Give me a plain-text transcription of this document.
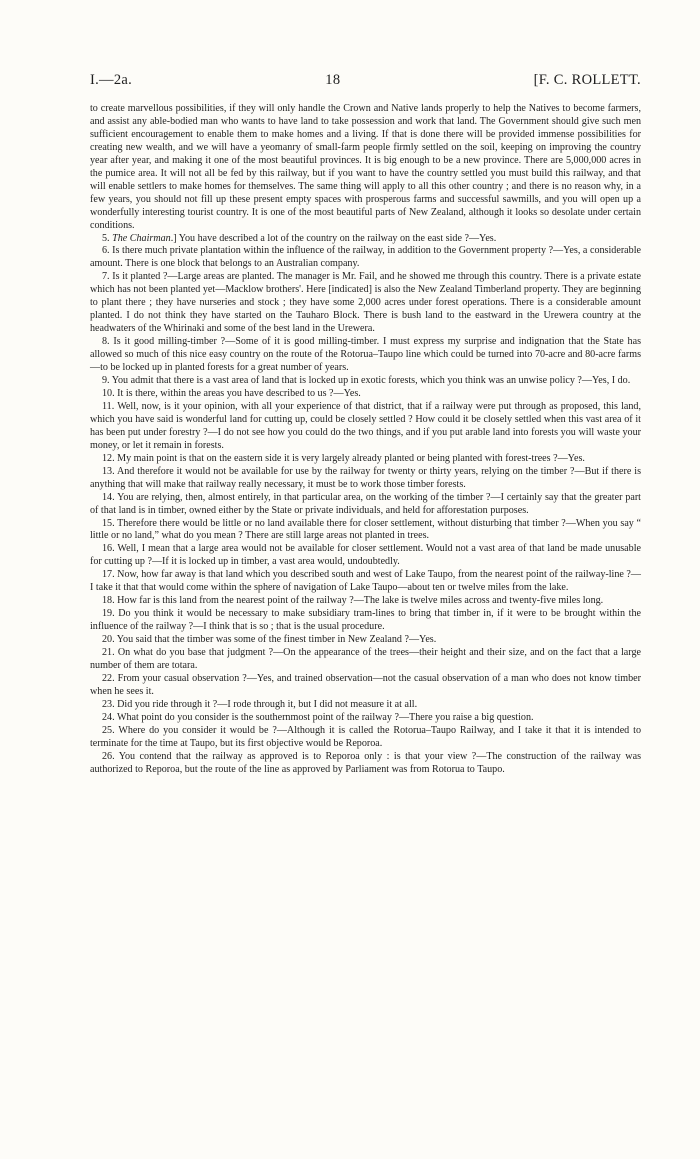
I.—2a.	18	[F. C. ROLLETT.

to create marvellous possibilities, if they will only handle the Crown and Native lands properly to help the Natives to become farmers, and assist any able-bodied man who wants to have land to take possession and work that land. The Government should give such men sufficient encouragement to enable them to make homes and a living. If that is done there will be provided immense possibilities for creating new wealth, and we will have a yeomanry of small-farm people firmly settled on the soil, keeping on improving the country year after year, and making it one of the most beautiful provinces. It is big enough to be a new province. There are 5,000,000 acres in the pumice area. It will not all be fed by this railway, but if you want to have the country settled you must build this railway, and that will enable settlers to make homes for themselves. The same thing will apply to all this other country ; and there is no reason why, in a few years, you should not fill up these present empty spaces with prosperous farms and successful sawmills, and you will open up a wonderfully interesting tourist country. It is one of the most beautiful parts of New Zealand, although it looks so desolate under certain conditions.

5. The Chairman.] You have described a lot of the country on the railway on the east side ?—Yes.

6. Is there much private plantation within the influence of the railway, in addition to the Government property ?—Yes, a considerable amount. There is one block that belongs to an Australian company.

7. Is it planted ?—Large areas are planted. The manager is Mr. Fail, and he showed me through this country. There is a private estate which has not been planted yet—Macklow brothers'. Here [indicated] is also the New Zealand Timberland property. They are beginning to plant there ; they have nurseries and stock ; they have some 2,000 acres under forest operations. There is a considerable amount planted. I do not think they have started on the Tauharo Block. There is bush land to the eastward in the Urewera country at the headwaters of the Whirinaki and some of the best land in the Urewera.

8. Is it good milling-timber ?—Some of it is good milling-timber. I must express my surprise and indignation that the State has allowed so much of this nice easy country on the route of the Rotorua–Taupo line which could be turned into 70-acre and 80-acre farms—to be locked up in planted forests for a great number of years.

9. You admit that there is a vast area of land that is locked up in exotic forests, which you think was an unwise policy ?—Yes, I do.

10. It is there, within the areas you have described to us ?—Yes.

11. Well, now, is it your opinion, with all your experience of that district, that if a railway were put through as proposed, this land, which you have said is wonderful land for cutting up, could be closely settled ? How could it be closely settled when this vast area of it has been put under forestry ?—I do not see how you could do the two things, and if you put arable land into forests you will waste your money, or let it remain in forests.

12. My main point is that on the eastern side it is very largely already planted or being planted with forest-trees ?—Yes.

13. And therefore it would not be available for use by the railway for twenty or thirty years, relying on the timber ?—But if there is anything that will make that railway really necessary, it must be to work those timber forests.

14. You are relying, then, almost entirely, in that particular area, on the working of the timber ?—I certainly say that the greater part of that land is in timber, owned either by the State or private individuals, and held for afforestation purposes.

15. Therefore there would be little or no land available there for closer settlement, without disturbing that timber ?—When you say “ little or no land,” what do you mean ? There are still large areas not planted in trees.

16. Well, I mean that a large area would not be available for closer settlement. Would not a vast area of that land be made unusable for cutting up ?—If it is locked up in timber, a vast area would, undoubtedly.

17. Now, how far away is that land which you described south and west of Lake Taupo, from the nearest point of the railway-line ?—I take it that that would come within the sphere of navigation of Lake Taupo—about ten or twelve miles from the lake.

18. How far is this land from the nearest point of the railway ?—The lake is twelve miles across and twenty-five miles long.

19. Do you think it would be necessary to make subsidiary tram-lines to bring that timber in, if it were to be brought within the influence of the railway ?—I think that is so ; that is the usual procedure.

20. You said that the timber was some of the finest timber in New Zealand ?—Yes.

21. On what do you base that judgment ?—On the appearance of the trees—their height and their size, and on the fact that a large number of them are totara.

22. From your casual observation ?—Yes, and trained observation—not the casual observation of a man who does not know timber when he sees it.

23. Did you ride through it ?—I rode through it, but I did not measure it at all.

24. What point do you consider is the southernmost point of the railway ?—There you raise a big question.

25. Where do you consider it would be ?—Although it is called the Rotorua–Taupo Railway, and I take it that it is intended to terminate for the time at Taupo, but its first objective would be Reporoa.

26. You contend that the railway as approved is to Reporoa only : is that your view ?—The construction of the railway was authorized to Reporoa, but the route of the line as approved by Parliament was from Rotorua to Taupo.
